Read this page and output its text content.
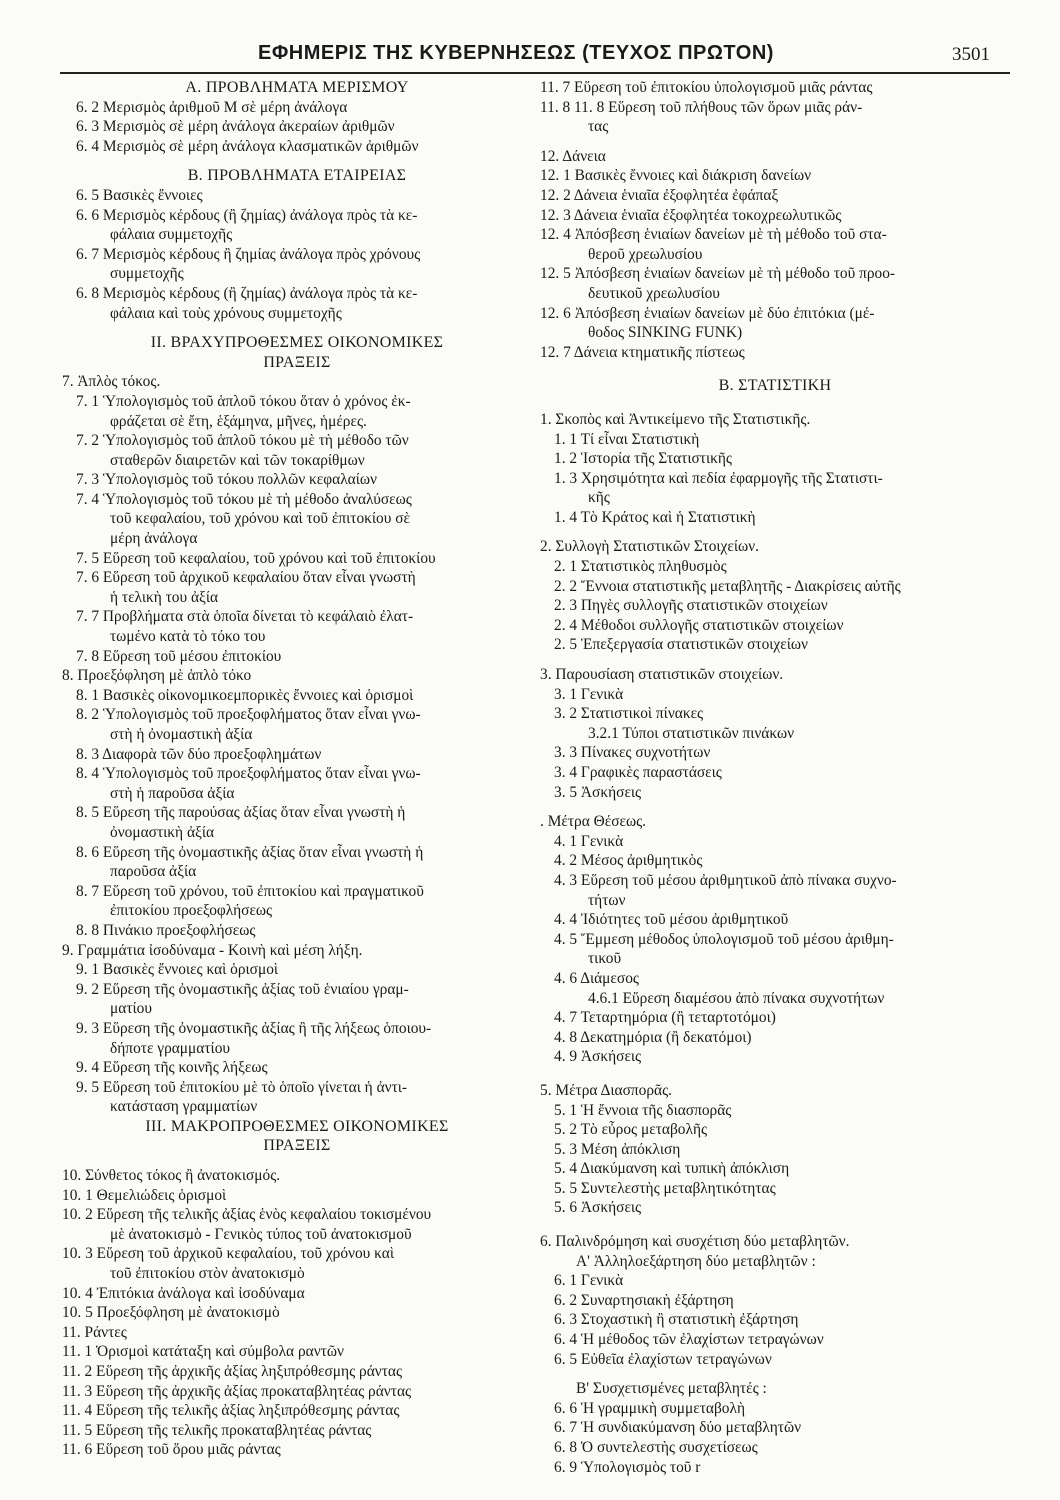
ΕΦΗΜΕΡΙΣ ΤΗΣ ΚΥΒΕΡΝΗΣΕΩΣ (ΤΕΥΧΟΣ ΠΡΩΤΟΝ)	3501
Α. ΠΡΟΒΛΗΜΑΤΑ ΜΕΡΙΣΜΟΥ
6. 2 Μερισμὸς ἀριθμοῦ Μ σὲ μέρη ἀνάλογα
6. 3 Μερισμὸς σὲ μέρη ἀνάλογα ἀκεραίων ἀριθμῶν
6. 4 Μερισμὸς σὲ μέρη ἀνάλογα κλασματικῶν ἀριθμῶν
Β. ΠΡΟΒΛΗΜΑΤΑ ΕΤΑΙΡΕΙΑΣ
6. 5 Βασικὲς ἔννοιες
6. 6 Μερισμὸς κέρδους (ἢ ζημίας) ἀνάλογα πρὸς τὰ κε-
φάλαια συμμετοχῆς
6. 7 Μερισμὸς κέρδους ἢ ζημίας ἀνάλογα πρὸς χρόνους
συμμετοχῆς
6. 8 Μερισμὸς κέρδους (ἢ ζημίας) ἀνάλογα πρὸς τὰ κε-
φάλαια καὶ τοὺς χρόνους συμμετοχῆς
II. ΒΡΑΧΥΠΡΟΘΕΣΜΕΣ ΟΙΚΟΝΟΜΙΚΕΣ
ΠΡΑΞΕΙΣ
7. Ἁπλὸς τόκος.
7. 1 Ὑπολογισμὸς τοῦ ἁπλοῦ τόκου ὅταν ὁ χρόνος ἐκ-
φράζεται σὲ ἔτη, ἑξάμηνα, μῆνες, ἡμέρες.
7. 2 Ὑπολογισμὸς τοῦ ἁπλοῦ τόκου μὲ τὴ μέθοδο τῶν
σταθερῶν διαιρετῶν καὶ τῶν τοκαρίθμων
7. 3 Ὑπολογισμὸς τοῦ τόκου πολλῶν κεφαλαίων
7. 4 Ὑπολογισμὸς τοῦ τόκου μὲ τὴ μέθοδο ἀναλύσεως
τοῦ κεφαλαίου, τοῦ χρόνου καὶ τοῦ ἐπιτοκίου σὲ
μέρη ἀνάλογα
7. 5 Εὕρεση τοῦ κεφαλαίου, τοῦ χρόνου καὶ τοῦ ἐπιτοκίου
7. 6 Εὕρεση τοῦ ἀρχικοῦ κεφαλαίου ὅταν εἶναι γνωστὴ
ἡ τελικὴ του ἀξία
7. 7 Προβλήματα στὰ ὁποῖα δίνεται τὸ κεφάλαιὸ ἐλατ-
τωμένο κατὰ τὸ τόκο του
7. 8 Εὕρεση τοῦ μέσου ἐπιτοκίου
8. Προεξόφληση μὲ ἁπλὸ τόκο
8. 1 Βασικὲς οἰκονομικοεμπορικὲς ἔννοιες καὶ ὁρισμοὶ
8. 2 Ὑπολογισμὸς τοῦ προεξοφλήματος ὅταν εἶναι γνω-
στὴ ἡ ὀνομαστικὴ ἀξία
8. 3 Διαφορὰ τῶν δύο προεξοφλημάτων
8. 4 Ὑπολογισμὸς τοῦ προεξοφλήματος ὅταν εἶναι γνω-
στὴ ἡ παροῦσα ἀξία
8. 5 Εὕρεση τῆς παρούσας ἀξίας ὅταν εἶναι γνωστὴ ἡ
ὀνομαστικὴ ἀξία
8. 6 Εὕρεση τῆς ὀνομαστικῆς ἀξίας ὅταν εἶναι γνωστὴ ἡ
παροῦσα ἀξία
8. 7 Εὕρεση τοῦ χρόνου, τοῦ ἐπιτοκίου καὶ πραγματικοῦ
ἐπιτοκίου προεξοφλήσεως
8. 8 Πινάκιο προεξοφλήσεως
9. Γραμμάτια ἰσοδύναμα - Κοινὴ καὶ μέση λήξη.
9. 1 Βασικὲς ἔννοιες καὶ ὁρισμοὶ
9. 2 Εὕρεση τῆς ὀνομαστικῆς ἀξίας τοῦ ἑνιαίου γραμ-
ματίου
9. 3 Εὕρεση τῆς ὀνομαστικῆς ἀξίας ἢ τῆς λήξεως ὁποιου-
δήποτε γραμματίου
9. 4 Εὕρεση τῆς κοινῆς λήξεως
9. 5 Εὕρεση τοῦ ἐπιτοκίου μὲ τὸ ὁποῖο γίνεται ἡ ἀντι-
κατάσταση γραμματίων
III. ΜΑΚΡΟΠΡΟΘΕΣΜΕΣ ΟΙΚΟΝΟΜΙΚΕΣ
ΠΡΑΞΕΙΣ
10. Σύνθετος τόκος ἢ ἀνατοκισμός.
10. 1 Θεμελιώδεις ὁρισμοὶ
10. 2 Εὕρεση τῆς τελικῆς ἀξίας ἑνὸς κεφαλαίου τοκισμένου
μὲ ἀνατοκισμὸ - Γενικὸς τύπος τοῦ ἀνατοκισμοῦ
10. 3 Εὕρεση τοῦ ἀρχικοῦ κεφαλαίου, τοῦ χρόνου καὶ
τοῦ ἐπιτοκίου στὸν ἀνατοκισμὸ
10. 4 Ἐπιτόκια ἀνάλογα καὶ ἰσοδύναμα
10. 5 Προεξόφληση μὲ ἀνατοκισμὸ
11. Ράντες
11. 1 Ὁρισμοὶ κατάταξη καὶ σύμβολα ραντῶν
11. 2 Εὕρεση τῆς ἀρχικῆς ἀξίας ληξιπρόθεσμης ράντας
11. 3 Εὕρεση τῆς ἀρχικῆς ἀξίας προκαταβλητέας ράντας
11. 4 Εὕρεση τῆς τελικῆς ἀξίας ληξιπρόθεσμης ράντας
11. 5 Εὕρεση τῆς τελικῆς προκαταβλητέας ράντας
11. 6 Εὕρεση τοῦ ὅρου μιᾶς ράντας
11. 7 Εὕρεση τοῦ ἐπιτοκίου ὑπολογισμοῦ μιᾶς ράντας
11. 8 11. 8 Εὕρεση τοῦ πλήθους τῶν ὅρων μιᾶς ράν-
τας
12. Δάνεια
12. 1 Βασικὲς ἔννοιες καὶ διάκριση δανείων
12. 2 Δάνεια ἑνιαῖα ἐξοφλητέα ἐφάπαξ
12. 3 Δάνεια ἑνιαῖα ἐξοφλητέα τοκοχρεωλυτικῶς
12. 4 Ἀπόσβεση ἑνιαίων δανείων μὲ τὴ μέθοδο τοῦ στα-
θεροῦ χρεωλυσίου
12. 5 Ἀπόσβεση ἑνιαίων δανείων μὲ τὴ μέθοδο τοῦ προο-
δευτικοῦ χρεωλυσίου
12. 6 Ἀπόσβεση ἑνιαίων δανείων μὲ δύο ἐπιτόκια (μέ-
θοδος SINKING FUNK)
12. 7 Δάνεια κτηματικῆς πίστεως
Β. ΣΤΑΤΙΣΤΙΚΗ
1. Σκοπὸς καὶ Ἀντικείμενο τῆς Στατιστικῆς.
1. 1 Τί εἶναι Στατιστικὴ
1. 2 Ἱστορία τῆς Στατιστικῆς
1. 3 Χρησιμότητα καὶ πεδία ἐφαρμογῆς τῆς Στατιστι-
κῆς
1. 4 Τὸ Κράτος καὶ ἡ Στατιστικὴ
2. Συλλογὴ Στατιστικῶν Στοιχείων.
2. 1 Στατιστικὸς πληθυσμὸς
2. 2 Ἔννοια στατιστικῆς μεταβλητῆς - Διακρίσεις αὐτῆς
2. 3 Πηγὲς συλλογῆς στατιστικῶν στοιχείων
2. 4 Μέθοδοι συλλογῆς στατιστικῶν στοιχείων
2. 5 Ἐπεξεργασία στατιστικῶν στοιχείων
3. Παρουσίαση στατιστικῶν στοιχείων.
3. 1 Γενικὰ
3. 2 Στατιστικοὶ πίνακες
3.2.1 Τύποι στατιστικῶν πινάκων
3. 3 Πίνακες συχνοτήτων
3. 4 Γραφικὲς παραστάσεις
3. 5 Ἀσκήσεις
. Μέτρα Θέσεως.
4. 1 Γενικὰ
4. 2 Μέσος ἀριθμητικὸς
4. 3 Εὕρεση τοῦ μέσου ἀριθμητικοῦ ἀπὸ πίνακα συχνο-
τήτων
4. 4 Ἰδιότητες τοῦ μέσου ἀριθμητικοῦ
4. 5 Ἔμμεση μέθοδος ὑπολογισμοῦ τοῦ μέσου ἀριθμη-
τικοῦ
4. 6 Διάμεσος
4.6.1 Εὕρεση διαμέσου ἀπὸ πίνακα συχνοτήτων
4. 7 Τεταρτημόρια (ἢ τεταρτοτόμοι)
4. 8 Δεκατημόρια (ἢ δεκατόμοι)
4. 9 Ἀσκήσεις
5. Μέτρα Διασπορᾶς.
5. 1 Ἡ ἔννοια τῆς διασπορᾶς
5. 2 Τὸ εὖρος μεταβολῆς
5. 3 Μέση ἀπόκλιση
5. 4 Διακύμανση καὶ τυπικὴ ἀπόκλιση
5. 5 Συντελεστὴς μεταβλητικότητας
5. 6 Ἀσκήσεις
6. Παλινδρόμηση καὶ συσχέτιση δύο μεταβλητῶν.
Α' Ἀλληλοεξάρτηση δύο μεταβλητῶν :
6. 1 Γενικὰ
6. 2 Συναρτησιακὴ ἐξάρτηση
6. 3 Στοχαστικὴ ἢ στατιστικὴ ἐξάρτηση
6. 4 Ἡ μέθοδος τῶν ἐλαχίστων τετραγώνων
6. 5 Εὐθεῖα ἐλαχίστων τετραγώνων
Β' Συσχετισμένες μεταβλητές :
6. 6 Ἡ γραμμικὴ συμμεταβολὴ
6. 7 Ἡ συνδιακύμανση δύο μεταβλητῶν
6. 8 Ὁ συντελεστὴς συσχετίσεως
6. 9 Ὑπολογισμὸς τοῦ r
